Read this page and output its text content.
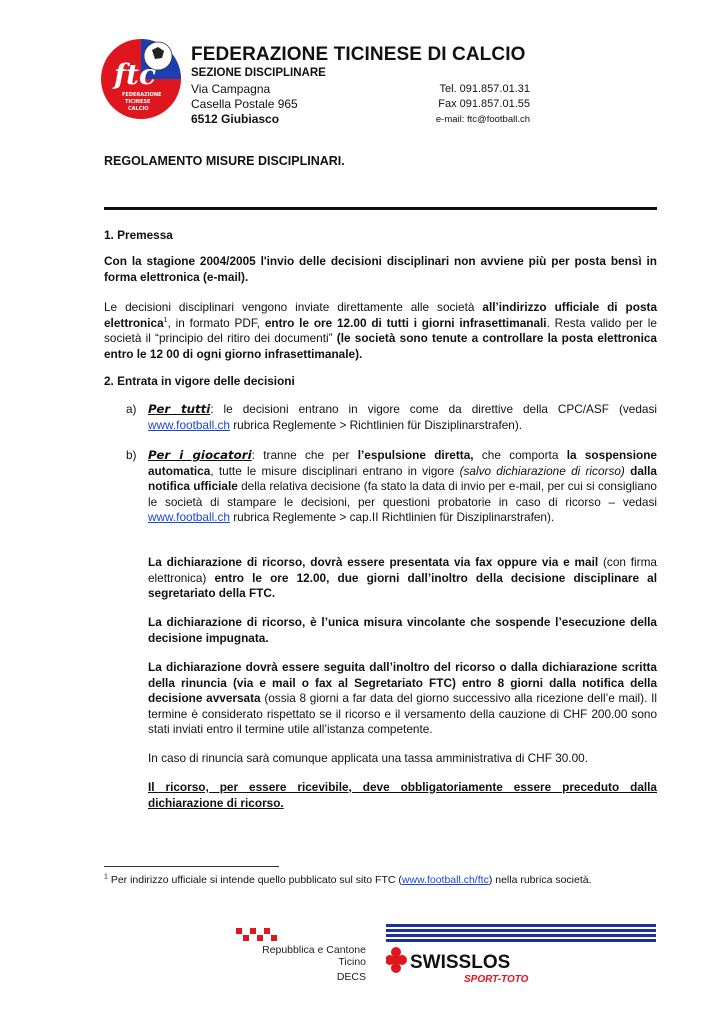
ftc
FEDERAZIONE
TICINESE
CALCIO
FEDERAZIONE TICINESE DI CALCIO
SEZIONE DISCIPLINARE
Via Campagna
Casella Postale 965
6512 Giubiasco
Tel. 091.857.01.31
Fax 091.857.01.55
e-mail: ftc@football.ch
REGOLAMENTO MISURE DISCIPLINARI.
1. Premessa
Con la stagione 2004/2005 l'invio delle decisioni disciplinari non avviene più per posta bensì in forma elettronica (e-mail).
Le decisioni disciplinari vengono inviate direttamente alle società all’indirizzo ufficiale di posta elettronica$^1$, in formato PDF, entro le ore 12.00 di tutti i giorni infrasettimanali. Resta valido per le società il “principio del ritiro dei documenti” (le società sono tenute a controllare la posta elettronica entro le 12 00 di ogni giorno infrasettimanale).
2. Entrata in vigore delle decisioni
a) Per tutti: le decisioni entrano in vigore come da direttive della CPC/ASF (vedasi www.football.ch rubrica Reglemente > Richtlinien für Disziplinarstrafen).
b) Per i giocatori: tranne che per l’espulsione diretta, che comporta la sospensione automatica, tutte le misure disciplinari entrano in vigore (salvo dichiarazione di ricorso) dalla notifica ufficiale della relativa decisione (fa stato la data di invio per e-mail, per cui si consigliano le società di stampare le decisioni, per questioni probatorie in caso di ricorso – vedasi www.football.ch rubrica Reglemente > cap.II Richtlinien für Disziplinarstrafen).
La dichiarazione di ricorso, dovrà essere presentata via fax oppure via e mail (con firma elettronica) entro le ore 12.00, due giorni dall’inoltro della decisione disciplinare al segretariato della FTC.
La dichiarazione di ricorso, è l’unica misura vincolante che sospende l’esecuzione della decisione impugnata.
La dichiarazione dovrà essere seguita dall’inoltro del ricorso o dalla dichiarazione scritta della rinuncia (via e mail o fax al Segretariato FTC) entro 8 giorni dalla notifica della decisione avversata (ossia 8 giorni a far data del giorno successivo alla ricezione dell’e mail). Il termine è considerato rispettato se il ricorso e il versamento della cauzione di CHF 200.00 sono stati inviati entro il termine utile all’istanza competente.
In caso di rinuncia sarà comunque applicata una tassa amministrativa di CHF 30.00.
Il ricorso, per essere ricevibile, deve obbligatoriamente essere preceduto dalla dichiarazione di ricorso.
$^1$ Per indirizzo ufficiale si intende quello pubblicato sul sito FTC (www.football.ch/ftc) nella rubrica società.
Repubblica e Cantone Ticino
DECS
SWISSLOS
SPORT-TOTO
